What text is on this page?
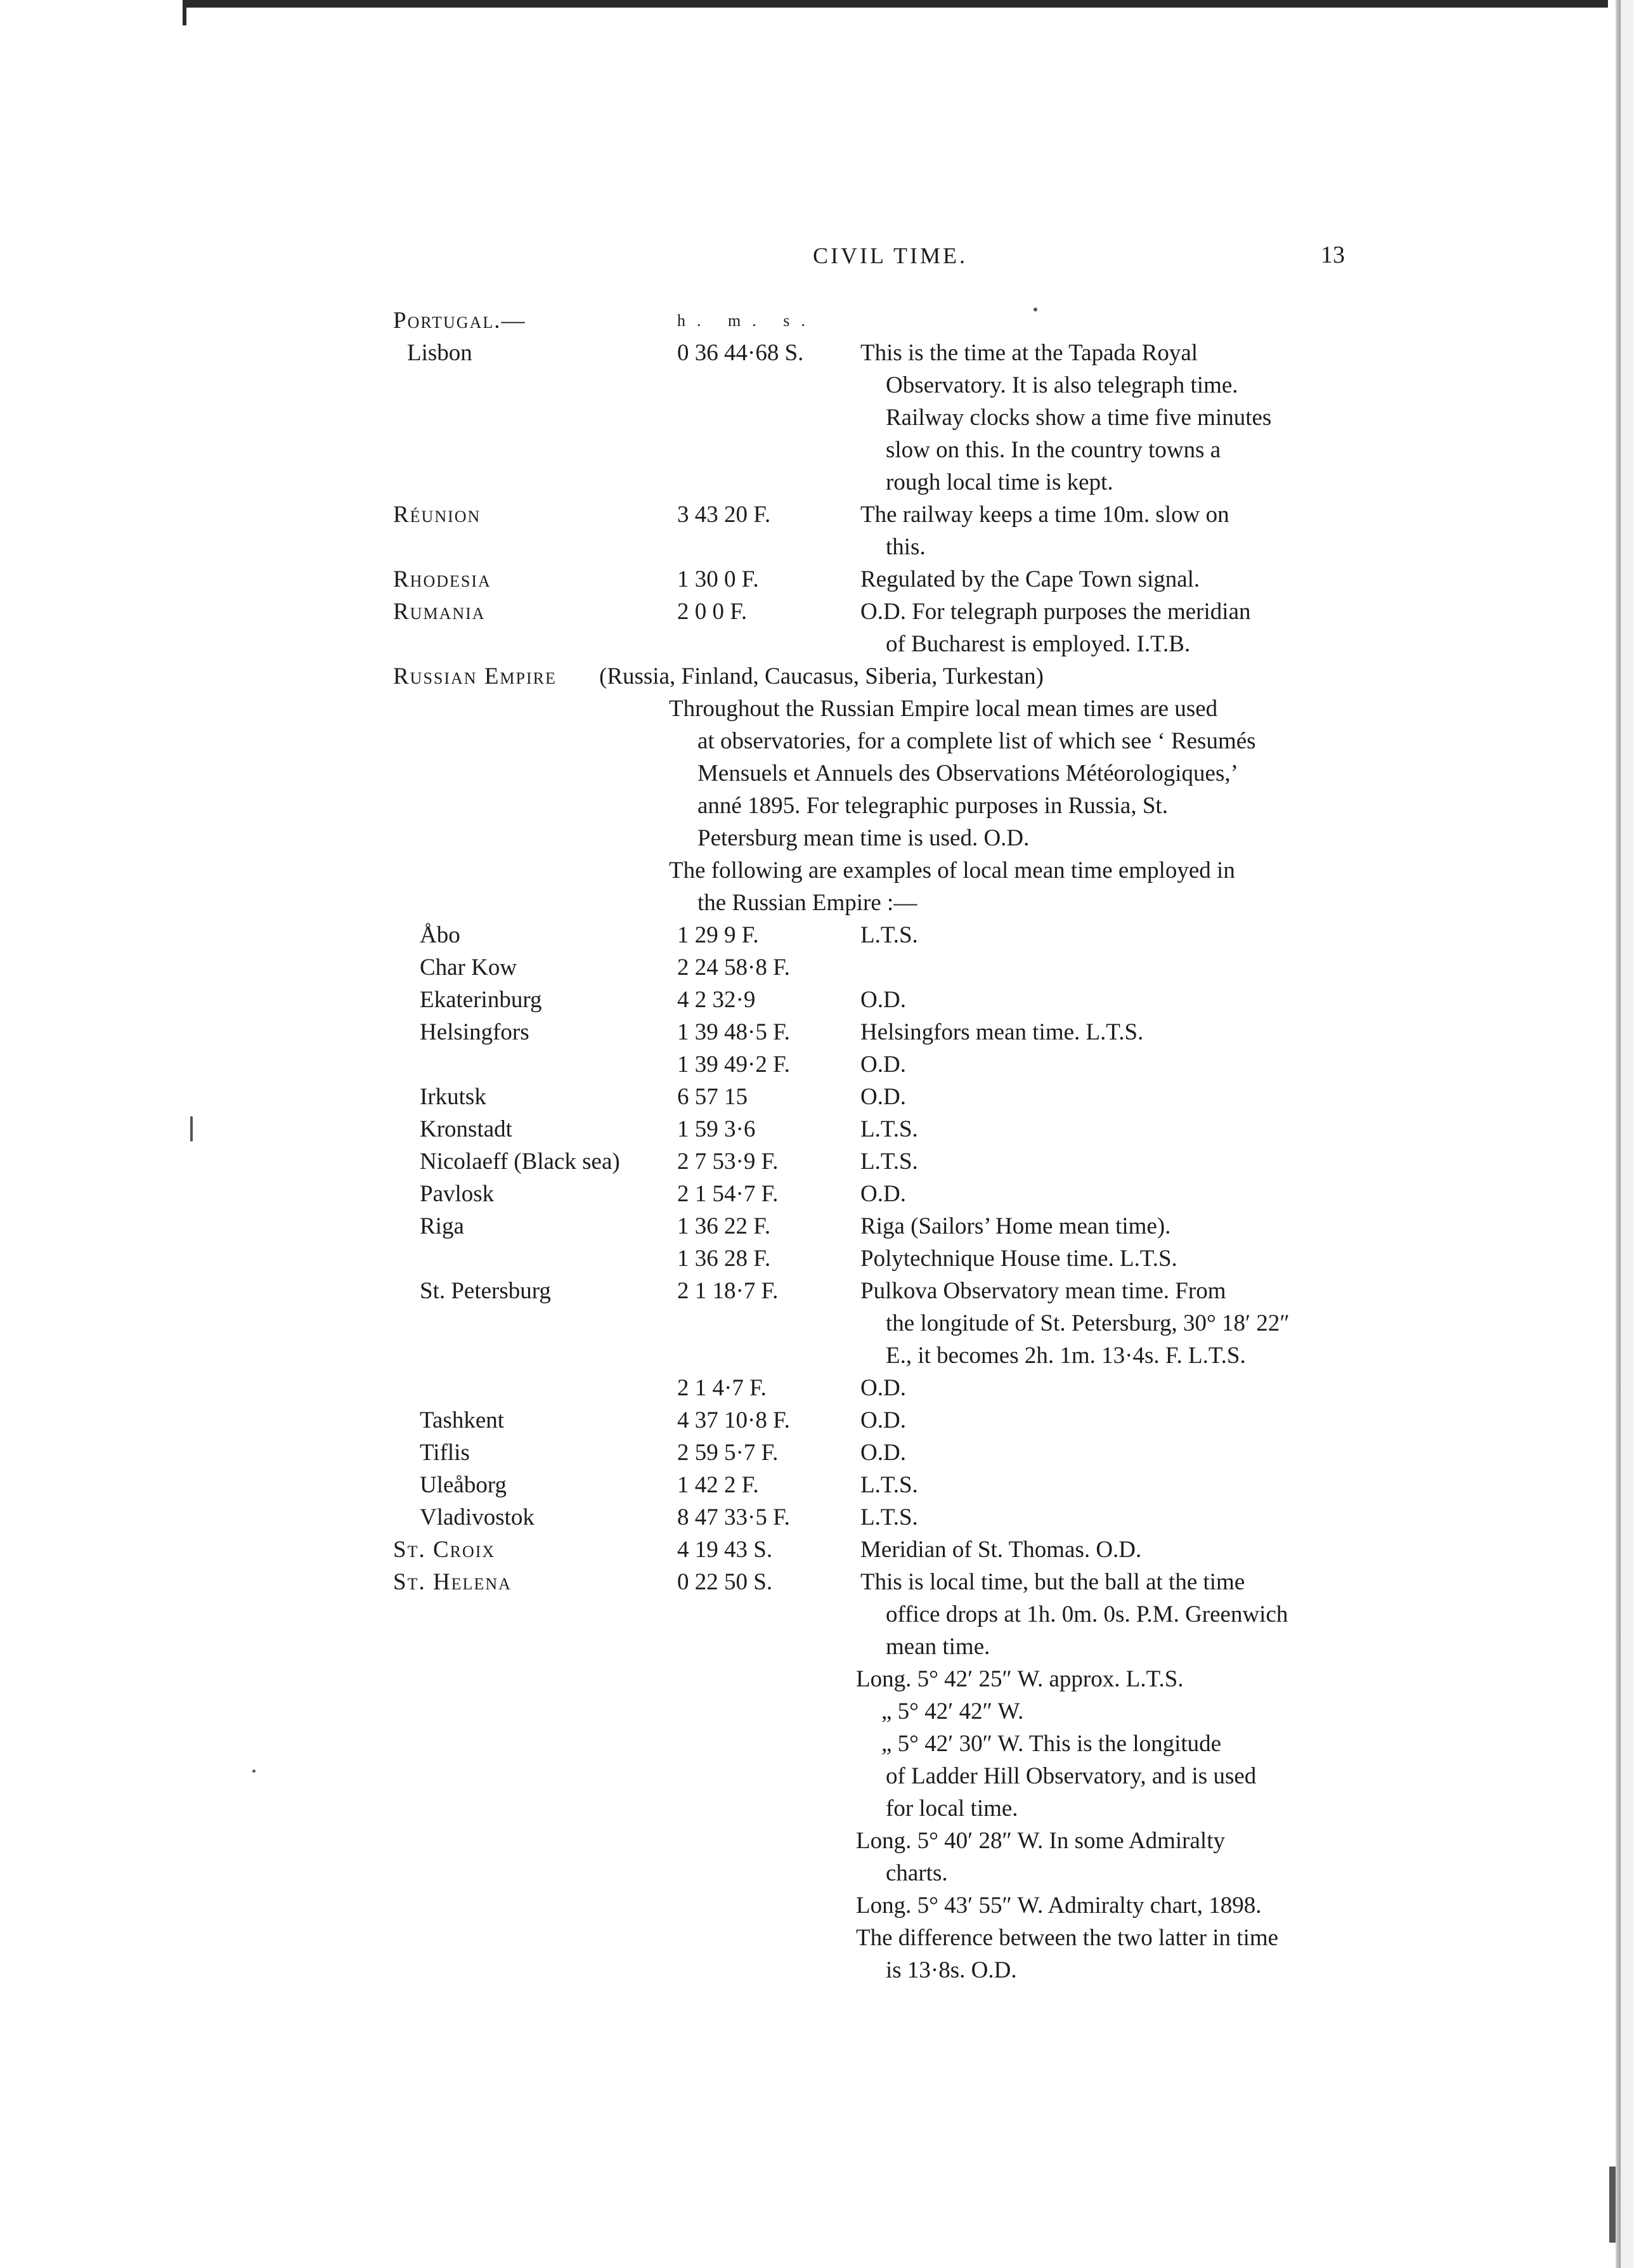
CIVIL TIME.	13
Portugal.—	h. m. s.
Lisbon	0 36 44·68 S. This is the time at the Tapada Royal
Observatory. It is also telegraph time.
Railway clocks show a time five minutes
slow on this. In the country towns a
rough local time is kept.
Réunion	3 43 20 F.	The railway keeps a time 10m. slow on
this.
Rhodesia	1 30 0 F.	Regulated by the Cape Town signal.
Rumania	2 0 0 F.	O.D. For telegraph purposes the meridian
of Bucharest is employed. I.T.B.
Russian Empire (Russia, Finland, Caucasus, Siberia, Turkestan)
Throughout the Russian Empire local mean times are used
at observatories, for a complete list of which see ‘ Resumés
Mensuels et Annuels des Observations Météorologiques,’
anné 1895. For telegraphic purposes in Russia, St.
Petersburg mean time is used. O.D.
The following are examples of local mean time employed in
the Russian Empire :—
Åbo	1 29 9 F.	L.T.S.
Char Kow	2 24 58·8 F.
Ekaterinburg	4 2 32·9	O.D.
Helsingfors	1 39 48·5 F.	Helsingfors mean time. L.T.S.
1 39 49·2 F.	O.D.
Irkutsk	6 57 15	O.D.
Kronstadt	1 59 3·6	L.T.S.
Nicolaeff (Black sea) 2 7 53·9 F.	L.T.S.
Pavlosk	2 1 54·7 F.	O.D.
Riga	1 36 22 F.	Riga (Sailors’ Home mean time).
1 36 28 F.	Polytechnique House time. L.T.S.
St. Petersburg	2 1 18·7 F.	Pulkova Observatory mean time. From
the longitude of St. Petersburg, 30° 18′ 22″
E., it becomes 2h. 1m. 13·4s. F. L.T.S.
2 1 4·7 F.	O.D.
Tashkent	4 37 10·8 F.	O.D.
Tiflis	2 59 5·7 F.	O.D.
Uleåborg	1 42 2 F.	L.T.S.
Vladivostok	8 47 33·5 F.	L.T.S.
St. Croix	4 19 43 S.	Meridian of St. Thomas. O.D.
St. Helena	0 22 50 S.	This is local time, but the ball at the time
office drops at 1h. 0m. 0s. P.M. Greenwich
mean time.
Long. 5° 42′ 25″ W. approx. L.T.S.
„ 5° 42′ 42″ W.
„ 5° 42′ 30″ W. This is the longitude
of Ladder Hill Observatory, and is used
for local time.
Long. 5° 40′ 28″ W. In some Admiralty
charts.
Long. 5° 43′ 55″ W. Admiralty chart, 1898.
The difference between the two latter in time
is 13·8s. O.D.
